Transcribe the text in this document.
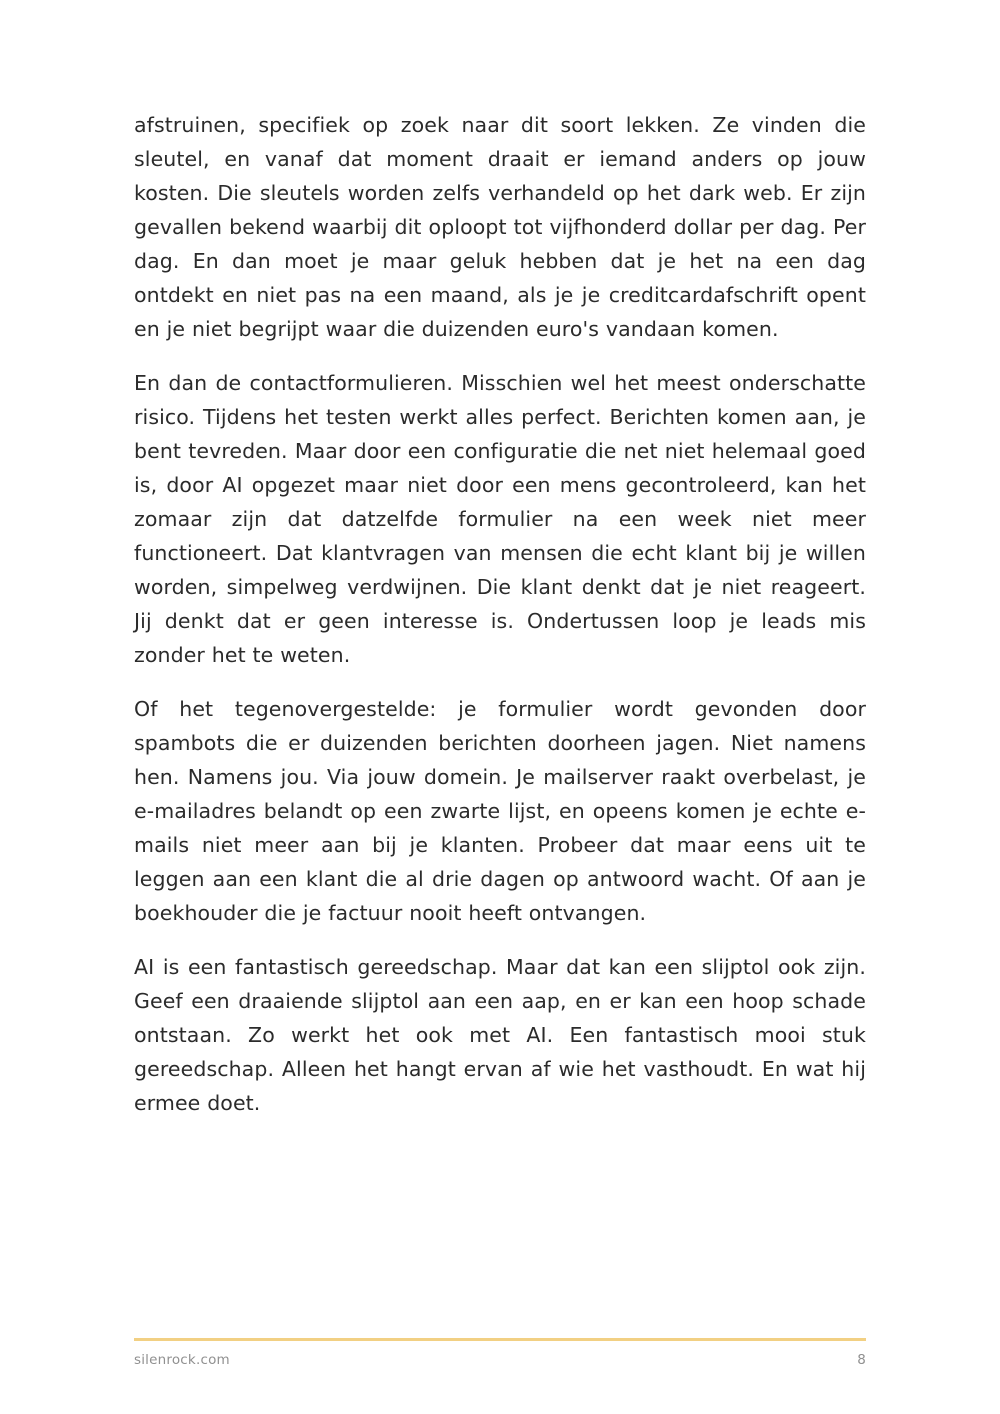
afstruinen, specifiek op zoek naar dit soort lekken. Ze vinden die sleutel, en vanaf dat moment draait er iemand anders op jouw kosten. Die sleutels worden zelfs verhandeld op het dark web. Er zijn gevallen bekend waarbij dit oploopt tot vijfhonderd dollar per dag. Per dag. En dan moet je maar geluk hebben dat je het na een dag ontdekt en niet pas na een maand, als je je creditcardafschrift opent en je niet begrijpt waar die duizenden euro's vandaan komen.

En dan de contactformulieren. Misschien wel het meest onderschatte risico. Tijdens het testen werkt alles perfect. Berichten komen aan, je bent tevreden. Maar door een configuratie die net niet helemaal goed is, door AI opgezet maar niet door een mens gecontroleerd, kan het zomaar zijn dat datzelfde formulier na een week niet meer functioneert. Dat klantvragen van mensen die echt klant bij je willen worden, simpelweg verdwijnen. Die klant denkt dat je niet reageert. Jij denkt dat er geen interesse is. Ondertussen loop je leads mis zonder het te weten.

Of het tegenovergestelde: je formulier wordt gevonden door spambots die er duizenden berichten doorheen jagen. Niet namens hen. Namens jou. Via jouw domein. Je mailserver raakt overbelast, je e-mailadres belandt op een zwarte lijst, en opeens komen je echte e-mails niet meer aan bij je klanten. Probeer dat maar eens uit te leggen aan een klant die al drie dagen op antwoord wacht. Of aan je boekhouder die je factuur nooit heeft ontvangen.

AI is een fantastisch gereedschap. Maar dat kan een slijptol ook zijn. Geef een draaiende slijptol aan een aap, en er kan een hoop schade ontstaan. Zo werkt het ook met AI. Een fantastisch mooi stuk gereedschap. Alleen het hangt ervan af wie het vasthoudt. En wat hij ermee doet.

silenrock.com	8
